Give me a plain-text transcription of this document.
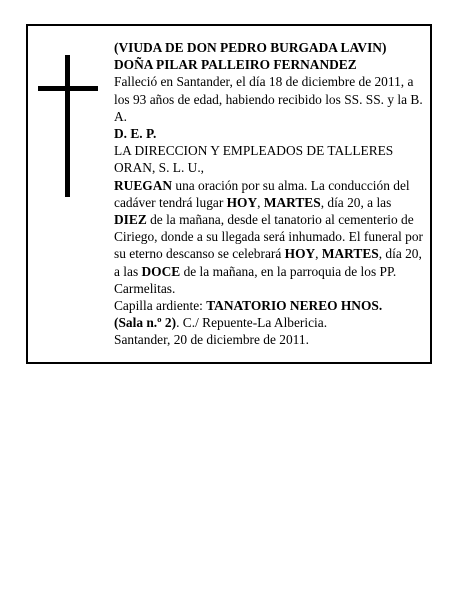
(VIUDA DE DON PEDRO BURGADA LAVIN)

DOÑA PILAR PALLEIRO FERNANDEZ

Falleció en Santander, el día 18 de diciembre de 2011, a los 93 años de edad, habiendo recibido los SS. SS. y la B. A.

D. E. P.

LA DIRECCION Y EMPLEADOS DE TALLERES ORAN, S. L. U.,

RUEGAN una oración por su alma. La conducción del cadáver tendrá lugar HOY, MARTES, día 20, a las DIEZ de la mañana, desde el tanatorio al cementerio de Ciriego, donde a su llegada será inhumado. El funeral por su eterno descanso se celebrará HOY, MARTES, día 20, a las DOCE de la mañana, en la parroquia de los PP. Carmelitas.

Capilla ardiente: TANATORIO NEREO HNOS.

(Sala n.º 2). C./ Repuente-La Albericia.

Santander, 20 de diciembre de 2011.
